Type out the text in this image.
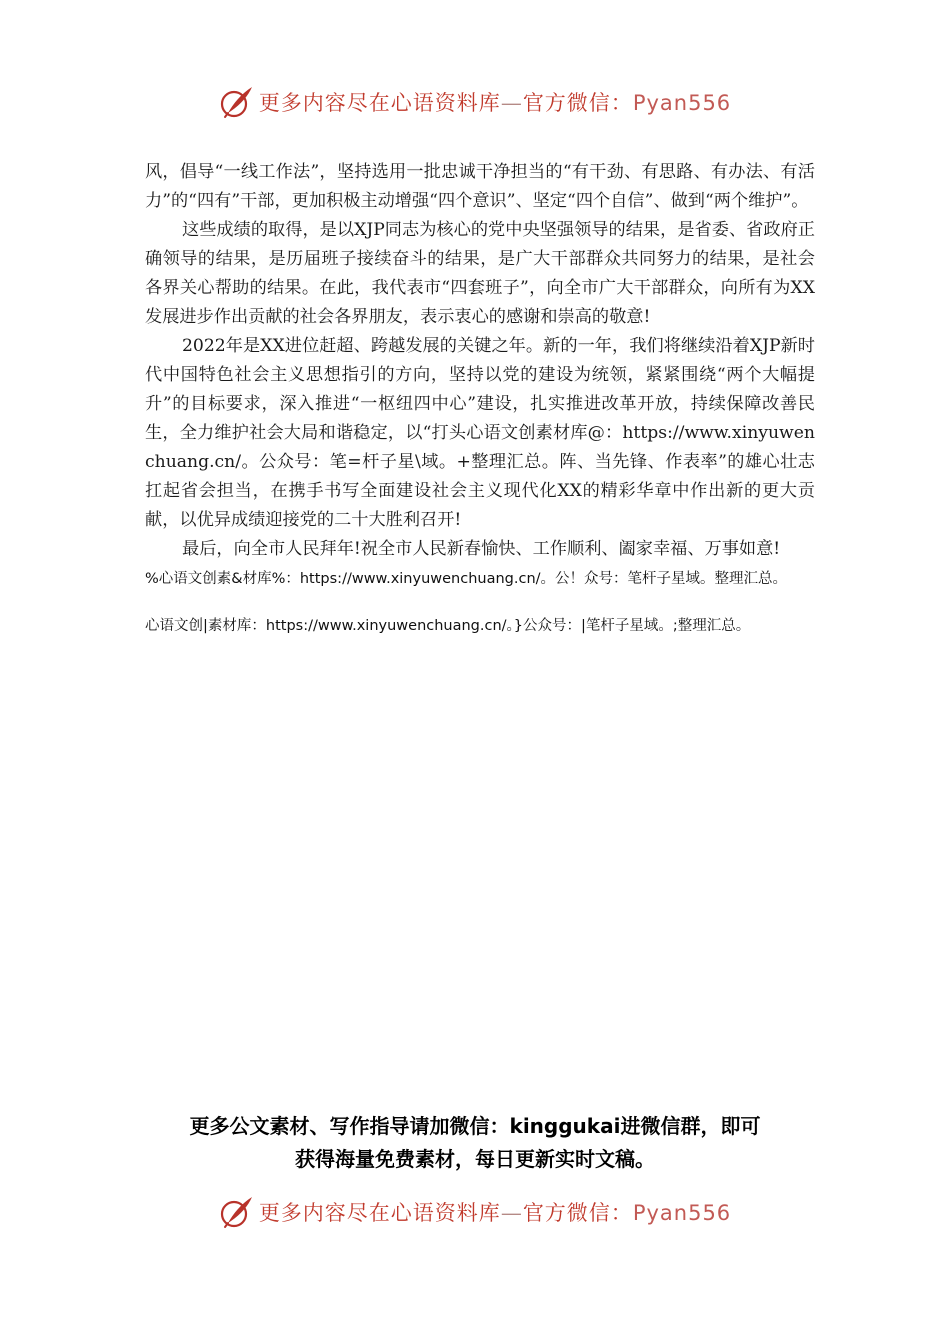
更多内容尽在心语资料库—官方微信：Pyan556

风，倡导“一线工作法”，坚持选用一批忠诚干净担当的“有干劲、有思路、有办法、有活力”的“四有”干部，更加积极主动增强“四个意识”、坚定“四个自信”、做到“两个维护”。

这些成绩的取得，是以XJP同志为核心的党中央坚强领导的结果，是省委、省政府正确领导的结果，是历届班子接续奋斗的结果，是广大干部群众共同努力的结果，是社会各界关心帮助的结果。在此，我代表市“四套班子”，向全市广大干部群众，向所有为XX发展进步作出贡献的社会各界朋友，表示衷心的感谢和崇高的敬意!

2022年是XX进位赶超、跨越发展的关键之年。新的一年，我们将继续沿着XJP新时代中国特色社会主义思想指引的方向，坚持以党的建设为统领，紧紧围绕“两个大幅提升”的目标要求，深入推进“一枢纽四中心”建设，扎实推进改革开放，持续保障改善民生，全力维护社会大局和谐稳定，以“打头心语文创素材库@：https://www.xinyuwenchuang.cn/。公众号：笔=杆子星\域。+整理汇总。阵、当先锋、作表率”的雄心壮志扛起省会担当，在携手书写全面建设社会主义现代化XX的精彩华章中作出新的更大贡献，以优异成绩迎接党的二十大胜利召开!

最后，向全市人民拜年!祝全市人民新春愉快、工作顺利、阖家幸福、万事如意!

%心语文创素&材库%：https://www.xinyuwenchuang.cn/。公！众号：笔杆子星域。整理汇总。

心语文创|素材库：https://www.xinyuwenchuang.cn/。}公众号：|笔杆子星域。;整理汇总。

更多公文素材、写作指导请加微信：kinggukai进微信群，即可
获得海量免费素材，每日更新实时文稿。
更多内容尽在心语资料库—官方微信：Pyan556
